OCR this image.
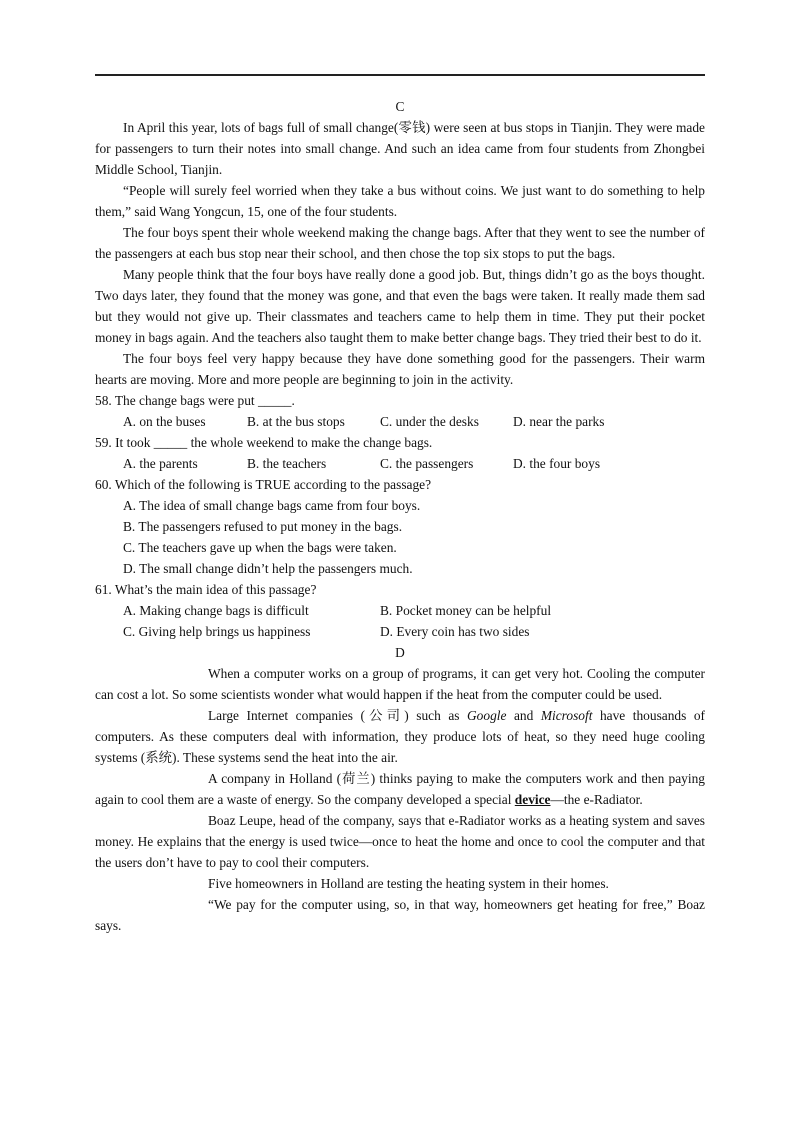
C

In April this year, lots of bags full of small change(零钱) were seen at bus stops in Tianjin. They were made for passengers to turn their notes into small change. And such an idea came from four students from Zhongbei Middle School, Tianjin.

“People will surely feel worried when they take a bus without coins. We just want to do something to help them,” said Wang Yongcun, 15, one of the four students.

The four boys spent their whole weekend making the change bags. After that they went to see the number of the passengers at each bus stop near their school, and then chose the top six stops to put the bags.

Many people think that the four boys have really done a good job. But, things didn’t go as the boys thought. Two days later, they found that the money was gone, and that even the bags were taken. It really made them sad but they would not give up. Their classmates and teachers came to help them in time. They put their pocket money in bags again. And the teachers also taught them to make better change bags. They tried their best to do it.

The four boys feel very happy because they have done something good for the passengers. Their warm hearts are moving. More and more people are beginning to join in the activity.

58. The change bags were put _____.

A. on the buses	B. at the bus stops	C. under the desks	D. near the parks

59. It took _____ the whole weekend to make the change bags.

A. the parents	B. the teachers	C. the passengers	D. the four boys

60. Which of the following is TRUE according to the passage?

A. The idea of small change bags came from four boys.

B. The passengers refused to put money in the bags.

C. The teachers gave up when the bags were taken.

D. The small change didn’t help the passengers much.

61. What’s the main idea of this passage?

A. Making change bags is difficult	B. Pocket money can be helpful
C. Giving help brings us happiness	D. Every coin has two sides

D

When a computer works on a group of programs, it can get very hot. Cooling the computer can cost a lot. So some scientists wonder what would happen if the heat from the computer could be used.

Large Internet companies (公司) such as Google and Microsoft have thousands of computers. As these computers deal with information, they produce lots of heat, so they need huge cooling systems (系统). These systems send the heat into the air.

A company in Holland (荷兰) thinks paying to make the computers work and then paying again to cool them are a waste of energy. So the company developed a special device—the e-Radiator.

Boaz Leupe, head of the company, says that e-Radiator works as a heating system and saves money. He explains that the energy is used twice—once to heat the home and once to cool the computer and that the users don’t have to pay to cool their computers.

Five homeowners in Holland are testing the heating system in their homes.

“We pay for the computer using, so, in that way, homeowners get heating for free,” Boaz says.
